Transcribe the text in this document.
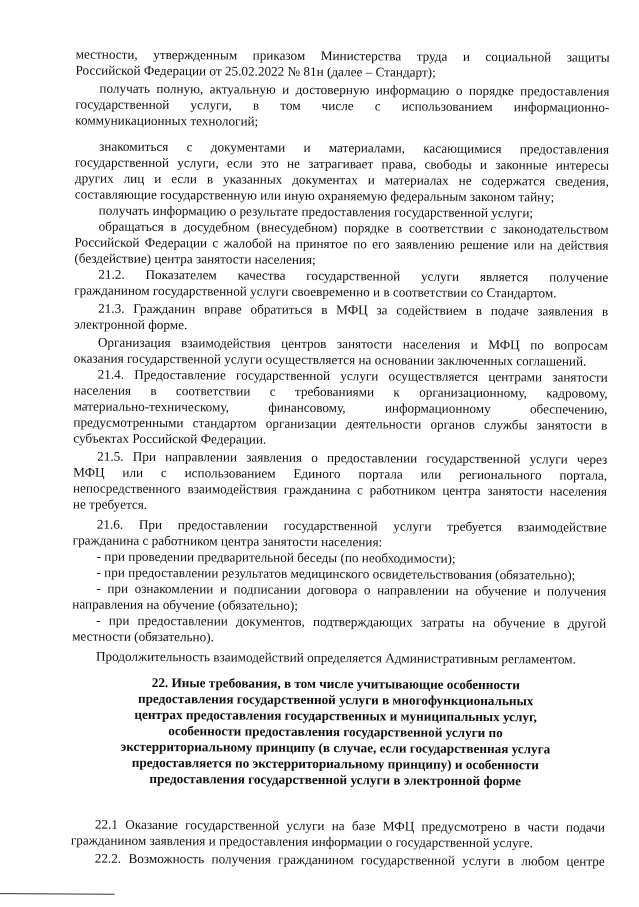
местности, утвержденным приказом Министерства труда и социальной защиты
Российской Федерации от 25.02.2022 № 81н (далее – Стандарт);
получать полную, актуальную и достоверную информацию о порядке предоставления
государственной услуги, в том числе с использованием информационно-
коммуникационных технологий;
знакомиться с документами и материалами, касающимися предоставления
государственной услуги, если это не затрагивает права, свободы и законные интересы
других лиц и если в указанных документах и материалах не содержатся сведения,
составляющие государственную или иную охраняемую федеральным законом тайну;
получать информацию о результате предоставления государственной услуги;
обращаться в досудебном (внесудебном) порядке в соответствии с законодательством
Российской Федерации с жалобой на принятое по его заявлению решение или на действия
(бездействие) центра занятости населения;
21.2. Показателем качества государственной услуги является получение
гражданином государственной услуги своевременно и в соответствии со Стандартом.
21.3. Гражданин вправе обратиться в МФЦ за содействием в подаче заявления в
электронной форме.
Организация взаимодействия центров занятости населения и МФЦ по вопросам
оказания государственной услуги осуществляется на основании заключенных соглашений.
21.4. Предоставление государственной услуги осуществляется центрами занятости
населения в соответствии с требованиями к организационному, кадровому,
материально-техническому, финансовому, информационному обеспечению,
предусмотренными стандартом организации деятельности органов службы занятости в
субъектах Российской Федерации.
21.5. При направлении заявления о предоставлении государственной услуги через
МФЦ или с использованием Единого портала или регионального портала,
непосредственного взаимодействия гражданина с работником центра занятости населения
не требуется.
21.6. При предоставлении государственной услуги требуется взаимодействие
гражданина с работником центра занятости населения:
- при проведении предварительной беседы (по необходимости);
- при предоставлении результатов медицинского освидетельствования (обязательно);
- при ознакомлении и подписании договора о направлении на обучение и получения
направления на обучение (обязательно);
- при предоставлении документов, подтверждающих затраты на обучение в другой
местности (обязательно).
Продолжительность взаимодействий определяется Административным регламентом.
22.1 Оказание государственной услуги на базе МФЦ предусмотрено в части подачи
гражданином заявления и предоставления информации о государственной услуге.
22.2. Возможность получения гражданином государственной услуги в любом центре
22. Иные требования, в том числе учитывающие особенности
предоставления государственной услуги в многофункциональных
центрах предоставления государственных и муниципальных услуг,
особенности предоставления государственной услуги по
экстерриториальному принципу (в случае, если государственная услуга
предоставляется по экстерриториальному принципу) и особенности
предоставления государственной услуги в электронной форме
